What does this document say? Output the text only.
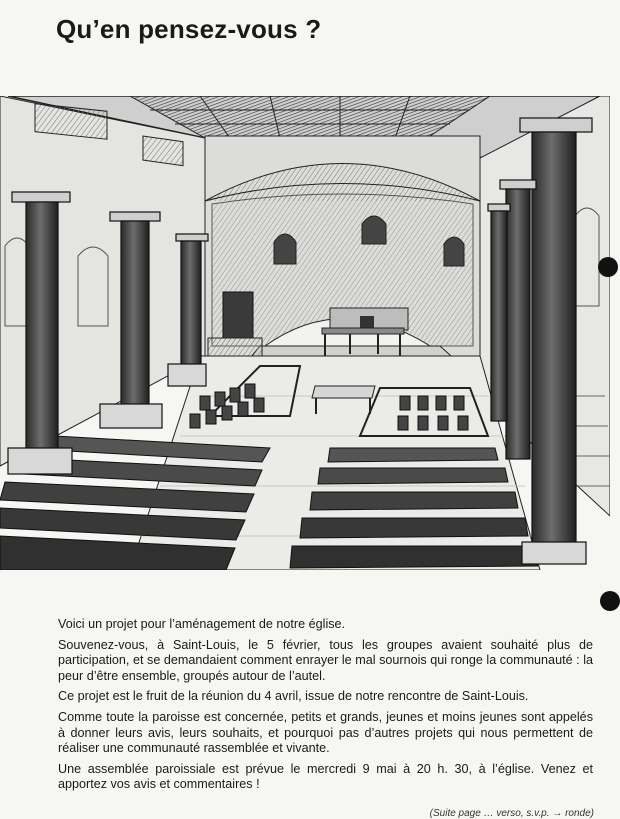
Qu’en pensez-vous ?

Voici un projet pour l’aménagement de notre église.

Souvenez-vous, à Saint-Louis, le 5 février, tous les groupes avaient souhaité plus de participation, et se demandaient comment enrayer le mal sournois qui ronge la communauté : la peur d’être ensemble, groupés autour de l’autel.

Ce projet est le fruit de la réunion du 4 avril, issue de notre rencontre de Saint-Louis.

Comme toute la paroisse est concernée, petits et grands, jeunes et moins jeunes sont appelés à donner leurs avis, leurs souhaits, et pourquoi pas d’autres projets qui nous permettent de réaliser une communauté rassemblée et vivante.

Une assemblée paroissiale est prévue le mercredi 9 mai à 20 h. 30, à l’église. Venez et apportez vos avis et commentaires !

(Suite page … verso, s.v.p. → ronde)
